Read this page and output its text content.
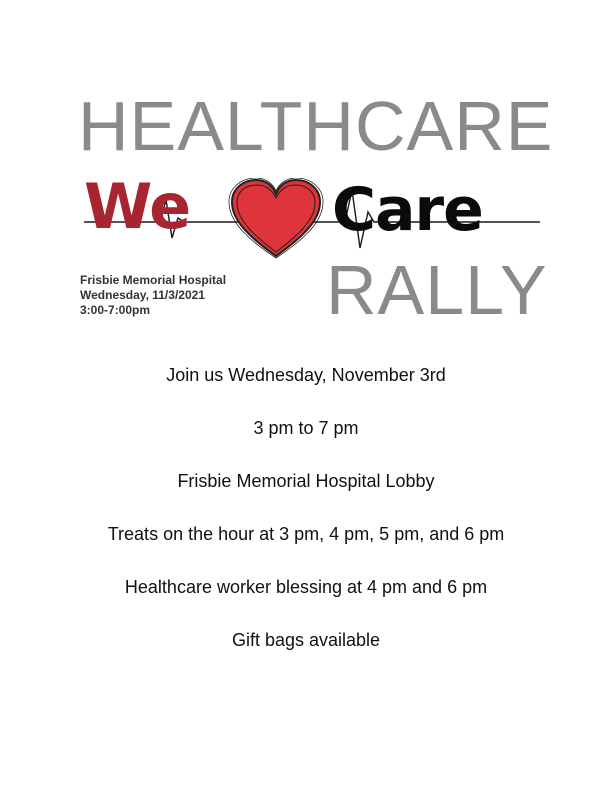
HEALTHCARE
We Care
RALLY
Frisbie Memorial Hospital
Wednesday, 11/3/2021
3:00-7:00pm
Join us Wednesday, November 3rd
3 pm to 7 pm
Frisbie Memorial Hospital Lobby
Treats on the hour at 3 pm, 4 pm, 5 pm, and 6 pm
Healthcare worker blessing at 4 pm and 6 pm
Gift bags available
